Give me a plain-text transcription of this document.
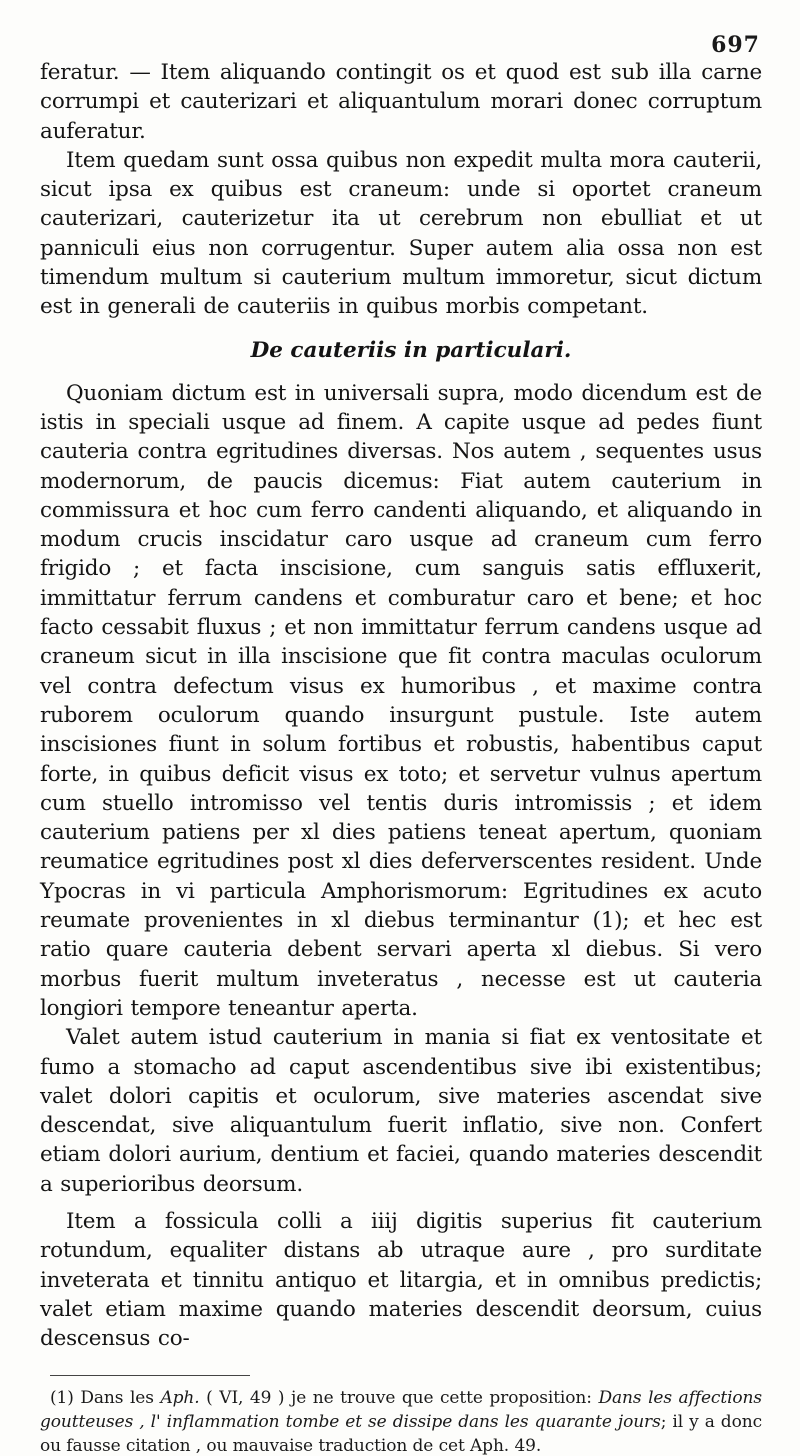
697

feratur. — Item aliquando contingit os et quod est sub illa carne corrumpi et cauterizari et aliquantulum morari donec corruptum auferatur.

Item quedam sunt ossa quibus non expedit multa mora cauterii, sicut ipsa ex quibus est craneum: unde si oportet craneum cauterizari, cauterizetur ita ut cerebrum non ebulliat et ut panniculi eius non corrugentur. Super autem alia ossa non est timendum multum si cauterium multum immoretur, sicut dictum est in generali de cauteriis in quibus morbis competant.

De cauteriis in particulari.

Quoniam dictum est in universali supra, modo dicendum est de istis in speciali usque ad finem. A capite usque ad pedes fiunt cauteria contra egritudines diversas. Nos autem , sequentes usus modernorum, de paucis dicemus: Fiat autem cauterium in commissura et hoc cum ferro candenti aliquando, et aliquando in modum crucis inscidatur caro usque ad craneum cum ferro frigido ; et facta inscisione, cum sanguis satis effluxerit, immittatur ferrum candens et comburatur caro et bene; et hoc facto cessabit fluxus ; et non immittatur ferrum candens usque ad craneum sicut in illa inscisione que fit contra maculas oculorum vel contra defectum visus ex humoribus , et maxime contra ruborem oculorum quando insurgunt pustule. Iste autem inscisiones fiunt in solum fortibus et robustis, habentibus caput forte, in quibus deficit visus ex toto; et servetur vulnus apertum cum stuello intromisso vel tentis duris intromissis ; et idem cauterium patiens per xl dies patiens teneat apertum, quoniam reumatice egritudines post xl dies deferverscentes resident. Unde Ypocras in vi particula Amphorismorum: Egritudines ex acuto reumate provenientes in xl diebus terminantur (1); et hec est ratio quare cauteria debent servari aperta xl diebus. Si vero morbus fuerit multum inveteratus , necesse est ut cauteria longiori tempore teneantur aperta.

Valet autem istud cauterium in mania si fiat ex ventositate et fumo a stomacho ad caput ascendentibus sive ibi existentibus; valet dolori capitis et oculorum, sive materies ascendat sive descendat, sive aliquantulum fuerit inflatio, sive non. Confert etiam dolori aurium, dentium et faciei, quando materies descendit a superioribus deorsum.

Item a fossicula colli a iiij digitis superius fit cauterium rotundum, equaliter distans ab utraque aure , pro surditate inveterata et tinnitu antiquo et litargia, et in omnibus predictis; valet etiam maxime quando materies descendit deorsum, cuius descensus co-

(1) Dans les Aph. ( VI, 49 ) je ne trouve que cette proposition: Dans les affections goutteuses , l' inflammation tombe et se dissipe dans les quarante jours; il y a donc ou fausse citation , ou mauvaise traduction de cet Aph. 49.
